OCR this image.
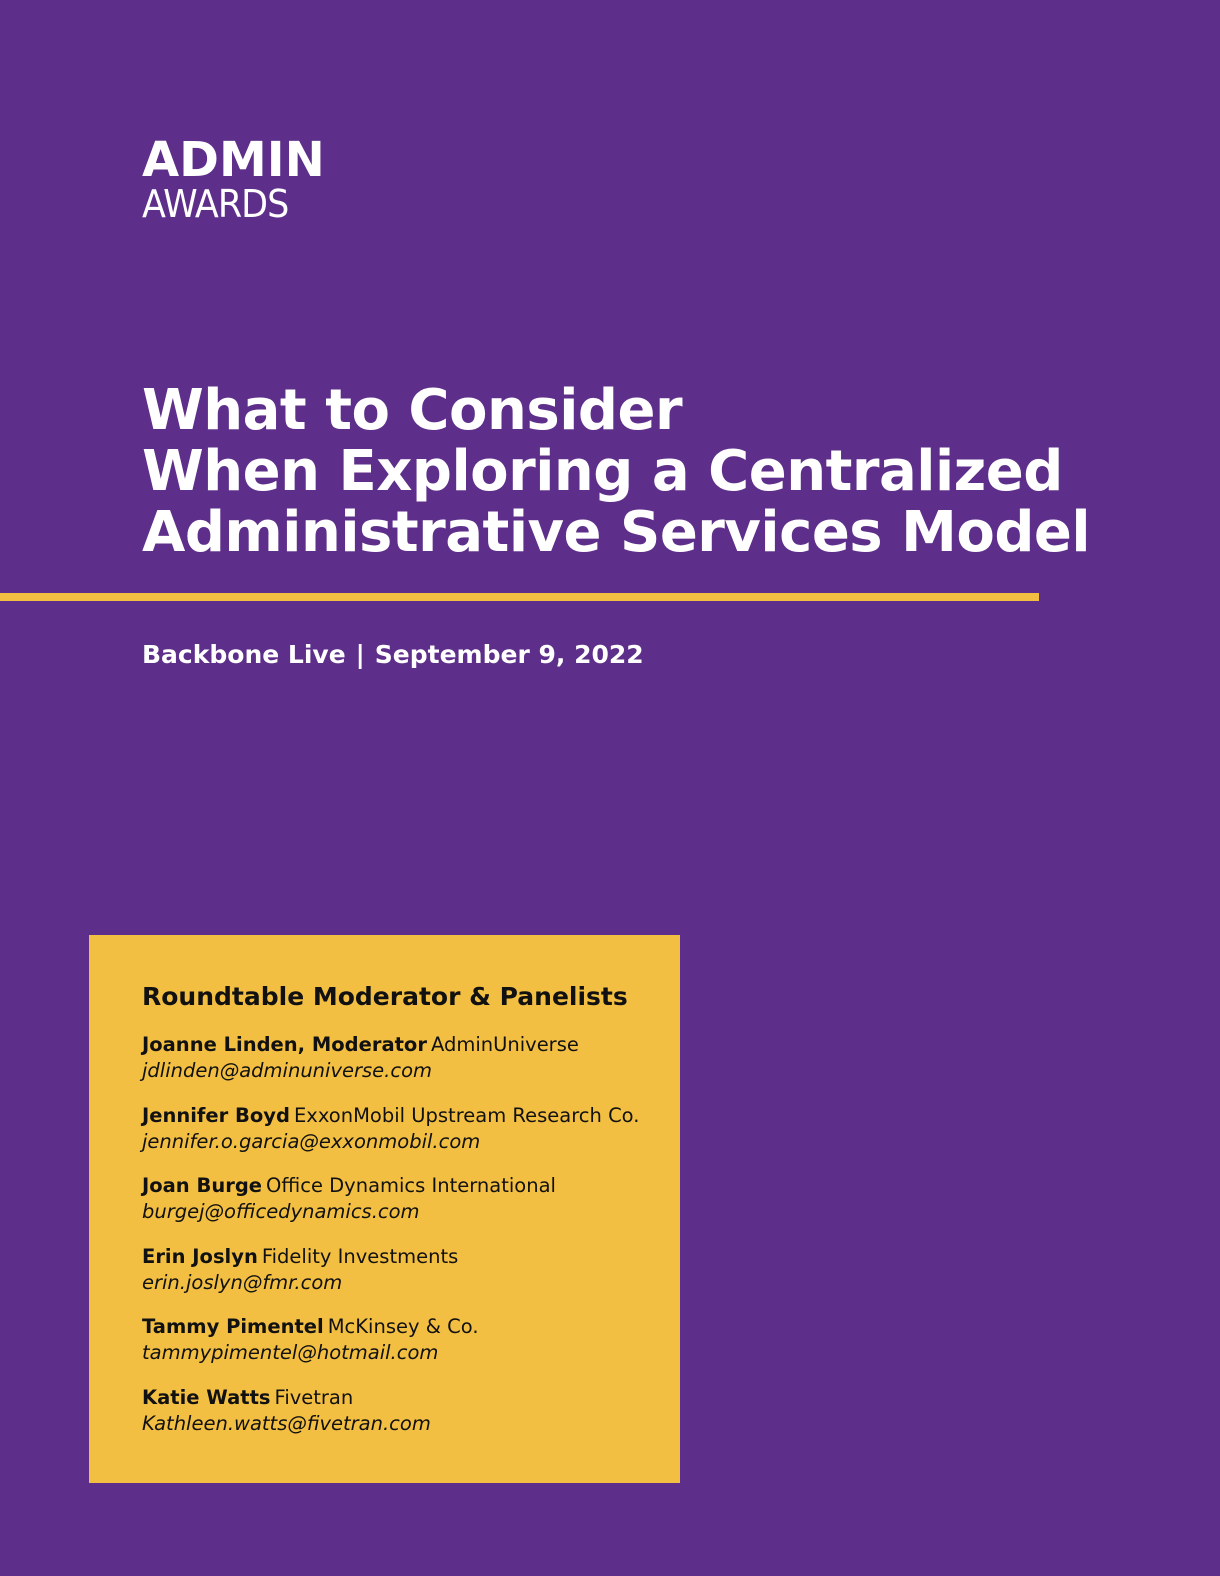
ADMIN
AWARDS
What to Consider
When Exploring a Centralized
Administrative Services Model
Backbone Live | September 9, 2022
Roundtable Moderator & Panelists
Joanne Linden, Moderator AdminUniverse
jdlinden@adminuniverse.com
Jennifer Boyd ExxonMobil Upstream Research Co.
jennifer.o.garcia@exxonmobil.com
Joan Burge Office Dynamics International
burgej@officedynamics.com
Erin Joslyn Fidelity Investments
erin.joslyn@fmr.com
Tammy Pimentel McKinsey & Co.
tammypimentel@hotmail.com
Katie Watts Fivetran
Kathleen.watts@fivetran.com
